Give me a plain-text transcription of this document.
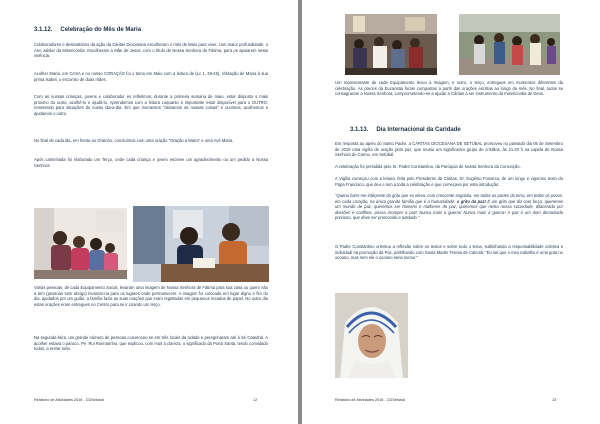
3.1.12. Celebração do Mês de Maria
Colaboradores e destinatários da ação da Cáritas Diocesana escolheram o mês de Maio para viver, com maior profundidade, o Ano Jubilar da Misericórdia. Escolheram a Mãe de Jesus, com o título de Nossa Senhora de Fátima, para os apoiarem nesta vivência.
Acolher Maria, em CASA e no nosso CORAÇÃO foi o tema em Maio com a leitura de (Lc 1, 39-45), Visitação de Maria à sua prima Isabel, o encontro de duas mães.
Com as nossas crianças, jovens e colaborador es refletimos, durante a primeira semana de maio, estar disposto s mais próximo do outro, acolhê-lo e ajudá-lo. Aprendemos com a leitura coquanto é importante estar disponível para o OUTRO, remetendo para situações do nosso dia-a-dia. Em que momentos "deixamos as nossas coisas" e ouvimos, acolhemos e ajudamos o outro.
No final de cada dia, em frente ao Oratório, concluímos com uma oração "Oração a Maria" e uma Avé Maria.
Após caminhada foi elaborado um Terço, onde cada criança e jovem escreve um agradecimento ou um pedido a Nossa Senhora
Varias pessoas, de cada Equipamento Social, levaram uma imagem de Nossa Senhora de Fátima para sua casa ou quem não a tem (pessoas sem abrigo) levaram-na para os lugares onde permanecem. A imagem foi colocada em lugar digno e fim do dia, ajudados por um guião, a família fazia as suas orações que eram registadas em pequenos recados de papel. No outro dia estas orações eram entregues no Centro para se ir criando um terço.
Na segunda-feira, um grande número de pessoas convenceu-se em três locais da cidade e peregrinaram até à Sé Catedral. A acolher estava o pároco, Pe. Rui Roimarinho, que explicou, com muit a clareza, o significado da Porta Santa, tendo convidado todos, a entrar nela.
Relatório de Atividades 2016 - CDSetúbal	12
Um representante de cada Equipamento levou a imagem, e outro, o terço, entregues em momentos diferentes da celebração. As preces da Eucaristia foram compostas a partir das orações escritas ao longo do mês. No final, todos se consagraram a Nossa Senhora, comprometendo-se a ajudar a Cáritas a ser instrumento da misericórdia de Deus.
3.1.13. Dia Internacional da Caridade
Em resposta ao apelo do Santo Padre, a CÁRITAS DIOCESANA DE SETÚBAL promoveu no passado dia 05 de Setembro de 2016 uma vigília de oração pela paz, que reuniu um significativo grupo de cristãos, às 21.30 h na capela de Nossa Senhora do Carmo, em Setúbal.
A celebração foi presidida pelo Sr. Padre Constantino, da Paróquia de Nossa Senhora da Conceição.
A Vigília começou com a leitura, feita pelo Presidente da Cáritas, Dr. Eugénio Fonseca, de um longo e vigoroso texto do Papa Francisco, que deu o tom a toda a celebração e que começava por esta introdução:
"Queria fazer-me intérprete do grito que se eleva, com crescente angústia, em todas as partes da terra, em todos os povos, em cada coração, na única grande família que é a humanidade: o grito da paz! É um grito que diz com força: queremos um mundo de paz, queremos ser homens e mulheres de paz, queremos que nesta nossa sociedade, dilacerada por divisões e conflitos, possa irromper a paz! Nunca mais a guerra! Nunca mais a guerra! A paz é um dom demasiado precioso, que deve ser promovido e tutelado."
O Padre Constantino orientou a reflexão sobre os textos e sobre todo o tema, sublinhando a responsabilidade coletiva e individual na promoção da Paz, partilhando com Santa Madre Teresa de Calcutá: "Eu sei que o meu trabalho é uma gota no oceano, mas sem ele o oceano seria menor."
Relatório de Atividades 2016 - CDSetúbal	13
